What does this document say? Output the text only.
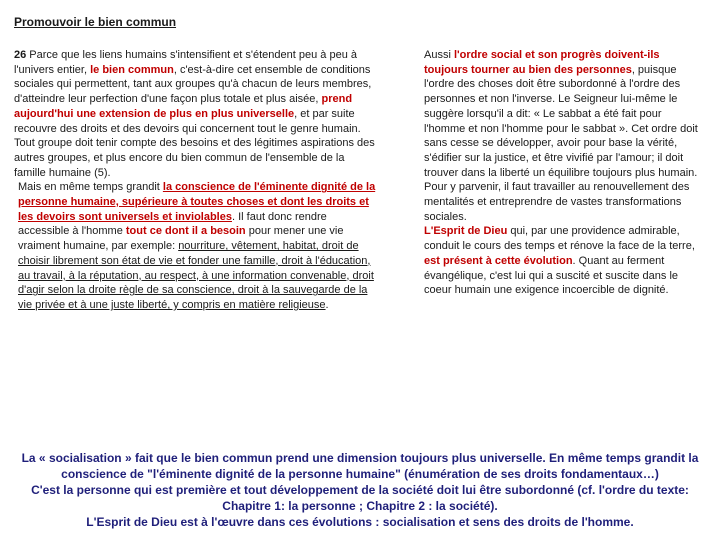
Promouvoir le bien commun

26 Parce que les liens humains s'intensifient et s'étendent peu à peu à l'univers entier, le bien commun, c'est-à-dire cet ensemble de conditions sociales qui permettent, tant aux groupes qu'à chacun de leurs membres, d'atteindre leur perfection d'une façon plus totale et plus aisée, prend aujourd'hui une extension de plus en plus universelle, et par suite recouvre des droits et des devoirs qui concernent tout le genre humain. Tout groupe doit tenir compte des besoins et des légitimes aspirations des autres groupes, et plus encore du bien commun de l'ensemble de la famille humaine (5).

Mais en même temps grandit la conscience de l'éminente dignité de la personne humaine, supérieure à toutes choses et dont les droits et les devoirs sont universels et inviolables. Il faut donc rendre accessible à l'homme tout ce dont il a besoin pour mener une vie vraiment humaine, par exemple: nourriture, vêtement, habitat, droit de choisir librement son état de vie et fonder une famille, droit à l'éducation, au travail, à la réputation, au respect, à une information convenable, droit d'agir selon la droite règle de sa conscience, droit à la sauvegarde de la vie privée et à une juste liberté, y compris en matière religieuse.

Aussi l'ordre social et son progrès doivent-ils toujours tourner au bien des personnes, puisque l'ordre des choses doit être subordonné à l'ordre des personnes et non l'inverse. Le Seigneur lui-même le suggère lorsqu'il a dit: « Le sabbat a été fait pour l'homme et non l'homme pour le sabbat ». Cet ordre doit sans cesse se développer, avoir pour base la vérité, s'édifier sur la justice, et être vivifié par l'amour; il doit trouver dans la liberté un équilibre toujours plus humain. Pour y parvenir, il faut travailler au renouvellement des mentalités et entreprendre de vastes transformations sociales.

L'Esprit de Dieu qui, par une providence admirable, conduit le cours des temps et rénove la face de la terre, est présent à cette évolution. Quant au ferment évangélique, c'est lui qui a suscité et suscite dans le coeur humain une exigence incoercible de dignité.

La « socialisation » fait que le bien commun prend une dimension toujours plus universelle. En même temps grandit la
conscience de "l'éminente dignité de la personne humaine" (énumération de ses droits fondamentaux…)
C'est la personne qui est première et tout développement de la société doit lui être subordonné (cf. l'ordre du texte:
Chapitre 1: la personne ; Chapitre 2 : la société).
L'Esprit de Dieu est à l'œuvre dans ces évolutions : socialisation et sens des droits de l'homme.
